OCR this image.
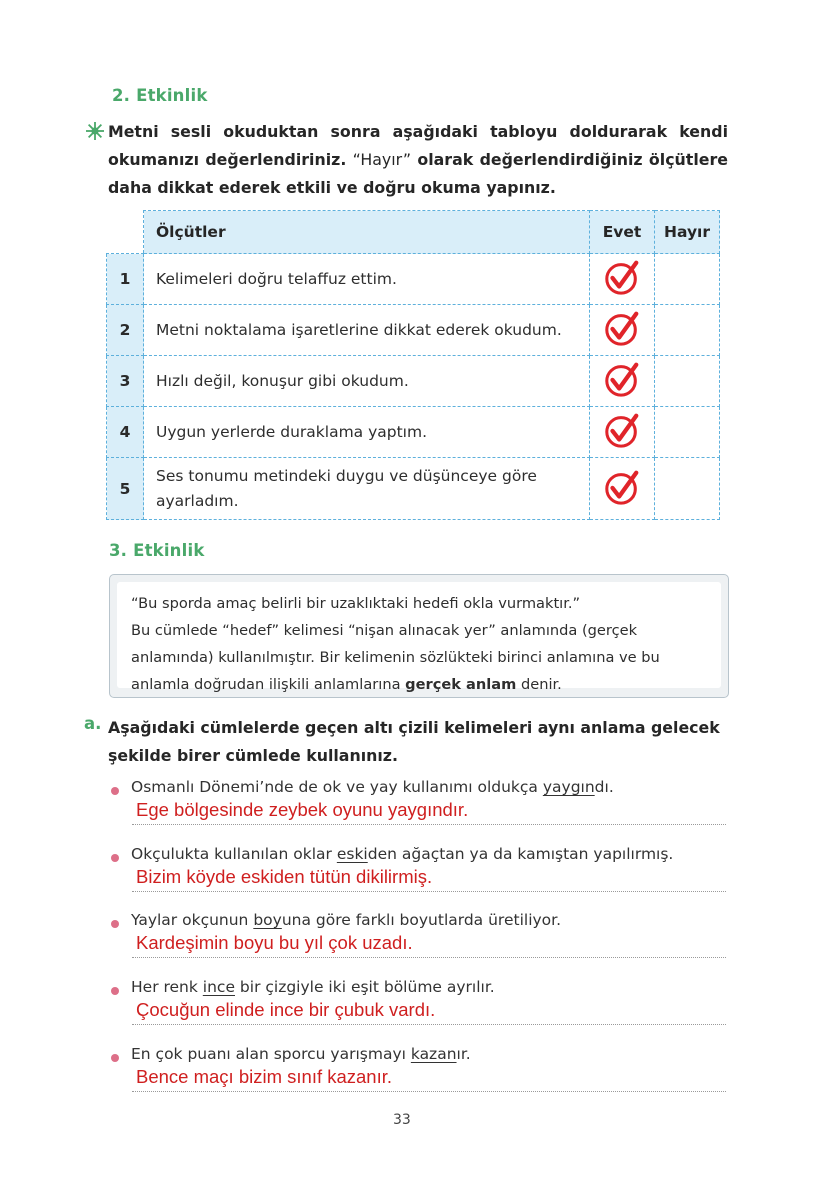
2. Etkinlik
Metni sesli okuduktan sonra aşağıdaki tabloyu doldurarak kendi okumanızı değerlendiriniz. “Hayır” olarak değerlendirdiğiniz ölçütlere daha dikkat ederek etkili ve doğru okuma yapınız.
	Ölçütler	Evet	Hayır
1	Kelimeleri doğru telaffuz ettim.		
2	Metni noktalama işaretlerine dikkat ederek okudum.		
3	Hızlı değil, konuşur gibi okudum.		
4	Uygun yerlerde duraklama yaptım.		
5	Ses tonumu metindeki duygu ve düşünceye göre ayarladım.		
3. Etkinlik
“Bu sporda amaç belirli bir uzaklıktaki hedefi okla vurmaktır.”
Bu cümlede “hedef” kelimesi “nişan alınacak yer” anlamında (gerçek anlamında) kullanılmıştır. Bir kelimenin sözlükteki birinci anlamına ve bu anlamla doğrudan ilişkili anlamlarına gerçek anlam denir.
a. Aşağıdaki cümlelerde geçen altı çizili kelimeleri aynı anlama gelecek şekilde birer cümlede kullanınız.
Osmanlı Dönemi’nde de ok ve yay kullanımı oldukça yaygındı.
Ege bölgesinde zeybek oyunu yaygındır.
Okçulukta kullanılan oklar eskiden ağaçtan ya da kamıştan yapılırmış.
Bizim köyde eskiden tütün dikilirmiş.
Yaylar okçunun boyuna göre farklı boyutlarda üretiliyor.
Kardeşimin boyu bu yıl çok uzadı.
Her renk ince bir çizgiyle iki eşit bölüme ayrılır.
Çocuğun elinde ince bir çubuk vardı.
En çok puanı alan sporcu yarışmayı kazanır.
Bence maçı bizim sınıf kazanır.
33
